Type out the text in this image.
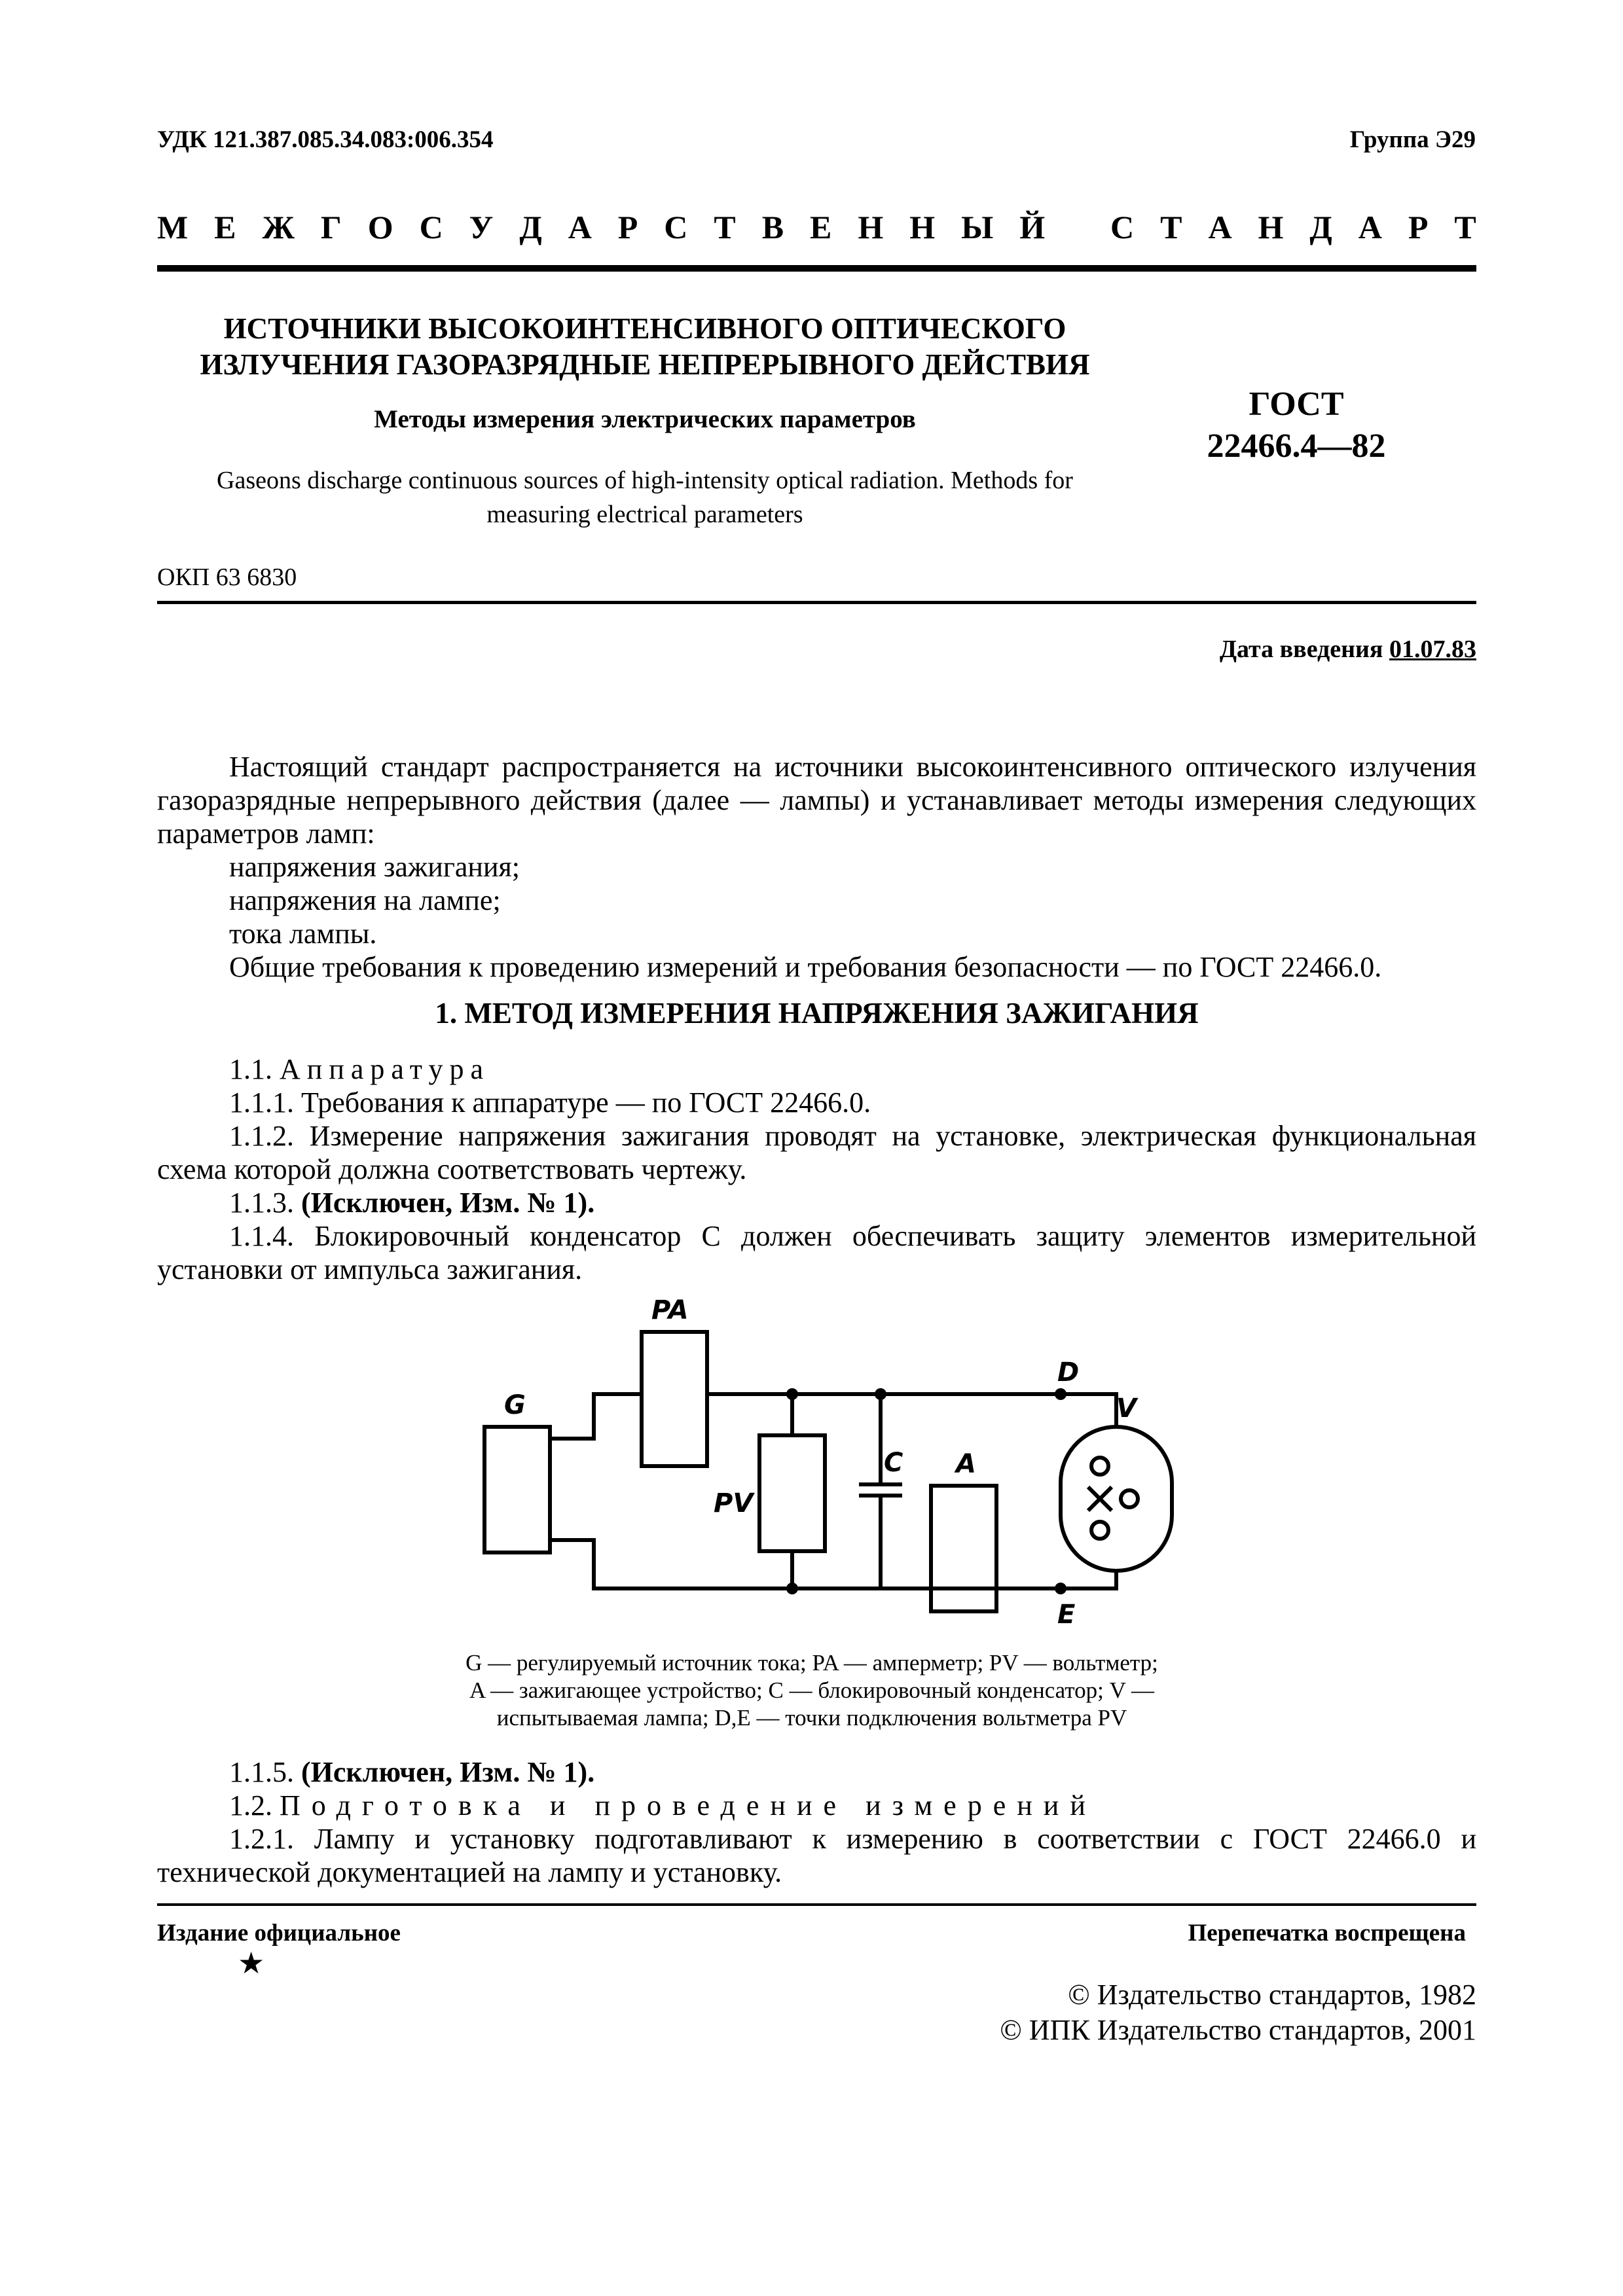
УДК 121.387.085.34.083:006.354	Группа Э29
М Е Ж Г О С У Д А Р С Т В Е Н Н Ы Й С Т А Н Д А Р Т
ИСТОЧНИКИ ВЫСОКОИНТЕНСИВНОГО ОПТИЧЕСКОГО
ИЗЛУЧЕНИЯ ГАЗОРАЗРЯДНЫЕ НЕПРЕРЫВНОГО ДЕЙСТВИЯ
Методы измерения электрических параметров	ГОСТ
22466.4—82
Gaseons discharge continuous sources of high-intensity optical radiation. Methods for
measuring electrical parameters
ОКП 63 6830
Дата введения 01.07.83
Настоящий стандарт распространяется на источники высокоинтенсивного оптического излучения газоразрядные непрерывного действия (далее — лампы) и устанавливает методы измерения следующих параметров ламп:
напряжения зажигания;
напряжения на лампе;
тока лампы.
Общие требования к проведению измерений и требования безопасности — по ГОСТ 22466.0.
1. МЕТОД ИЗМЕРЕНИЯ НАПРЯЖЕНИЯ ЗАЖИГАНИЯ
1.1. Аппаратура
1.1.1. Требования к аппаратуре — по ГОСТ 22466.0.
1.1.2. Измерение напряжения зажигания проводят на установке, электрическая функциональная схема которой должна соответствовать чертежу.
1.1.3. (Исключен, Изм. № 1).
1.1.4. Блокировочный конденсатор C должен обеспечивать защиту элементов измерительной установки от импульса зажигания.
G
PA
PV
C A
D
E
V
G — регулируемый источник тока; PA — амперметр; PV — вольтметр;
A — зажигающее устройство; C — блокировочный конденсатор; V —
испытываемая лампа; D,E — точки подключения вольтметра PV
1.1.5. (Исключен, Изм. № 1).
1.2. Подготовка и проведение измерений
1.2.1. Лампу и установку подготавливают к измерению в соответствии с ГОСТ 22466.0 и технической документацией на лампу и установку.
Издание официальное
★
Перепечатка воспрещена
© Издательство стандартов, 1982
© ИПК Издательство стандартов, 2001
